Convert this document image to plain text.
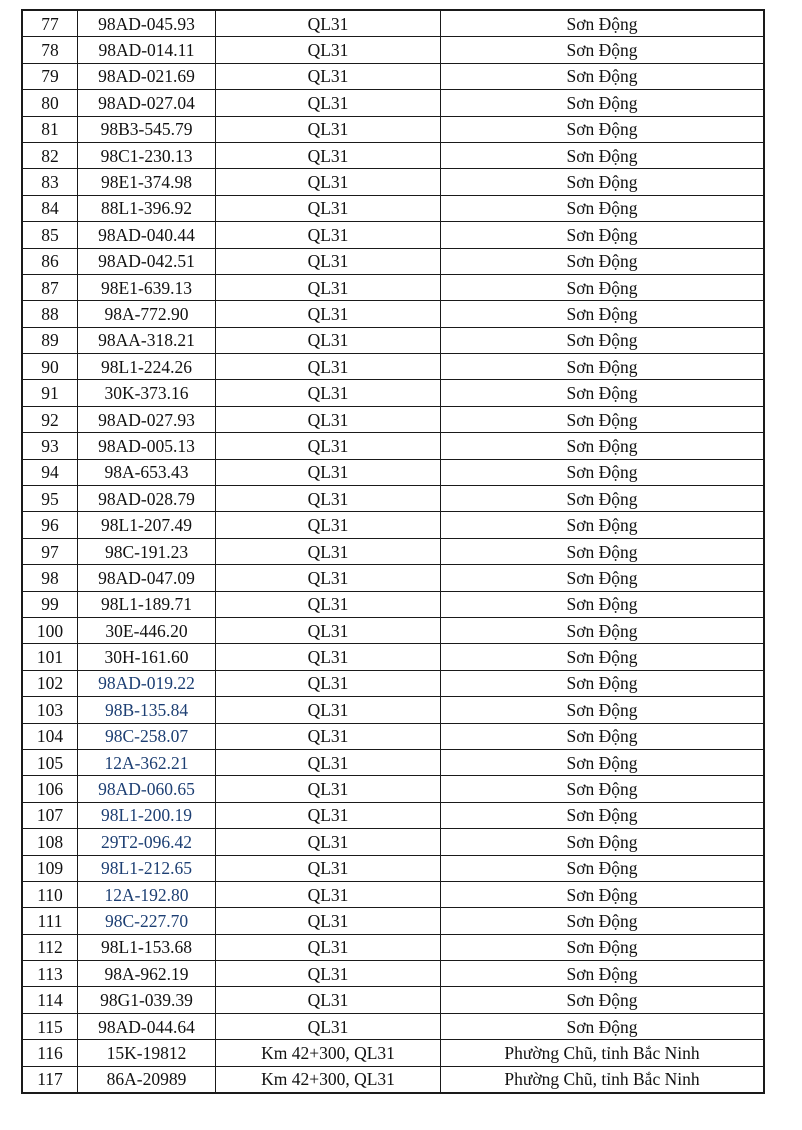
77	98AD-045.93	QL31	Sơn Động
78	98AD-014.11	QL31	Sơn Động
79	98AD-021.69	QL31	Sơn Động
80	98AD-027.04	QL31	Sơn Động
81	98B3-545.79	QL31	Sơn Động
82	98C1-230.13	QL31	Sơn Động
83	98E1-374.98	QL31	Sơn Động
84	88L1-396.92	QL31	Sơn Động
85	98AD-040.44	QL31	Sơn Động
86	98AD-042.51	QL31	Sơn Động
87	98E1-639.13	QL31	Sơn Động
88	98A-772.90	QL31	Sơn Động
89	98AA-318.21	QL31	Sơn Động
90	98L1-224.26	QL31	Sơn Động
91	30K-373.16	QL31	Sơn Động
92	98AD-027.93	QL31	Sơn Động
93	98AD-005.13	QL31	Sơn Động
94	98A-653.43	QL31	Sơn Động
95	98AD-028.79	QL31	Sơn Động
96	98L1-207.49	QL31	Sơn Động
97	98C-191.23	QL31	Sơn Động
98	98AD-047.09	QL31	Sơn Động
99	98L1-189.71	QL31	Sơn Động
100	30E-446.20	QL31	Sơn Động
101	30H-161.60	QL31	Sơn Động
102	98AD-019.22	QL31	Sơn Động
103	98B-135.84	QL31	Sơn Động
104	98C-258.07	QL31	Sơn Động
105	12A-362.21	QL31	Sơn Động
106	98AD-060.65	QL31	Sơn Động
107	98L1-200.19	QL31	Sơn Động
108	29T2-096.42	QL31	Sơn Động
109	98L1-212.65	QL31	Sơn Động
110	12A-192.80	QL31	Sơn Động
111	98C-227.70	QL31	Sơn Động
112	98L1-153.68	QL31	Sơn Động
113	98A-962.19	QL31	Sơn Động
114	98G1-039.39	QL31	Sơn Động
115	98AD-044.64	QL31	Sơn Động
116	15K-19812	Km 42+300, QL31	Phường Chũ, tỉnh Bắc Ninh
117	86A-20989	Km 42+300, QL31	Phường Chũ, tỉnh Bắc Ninh
